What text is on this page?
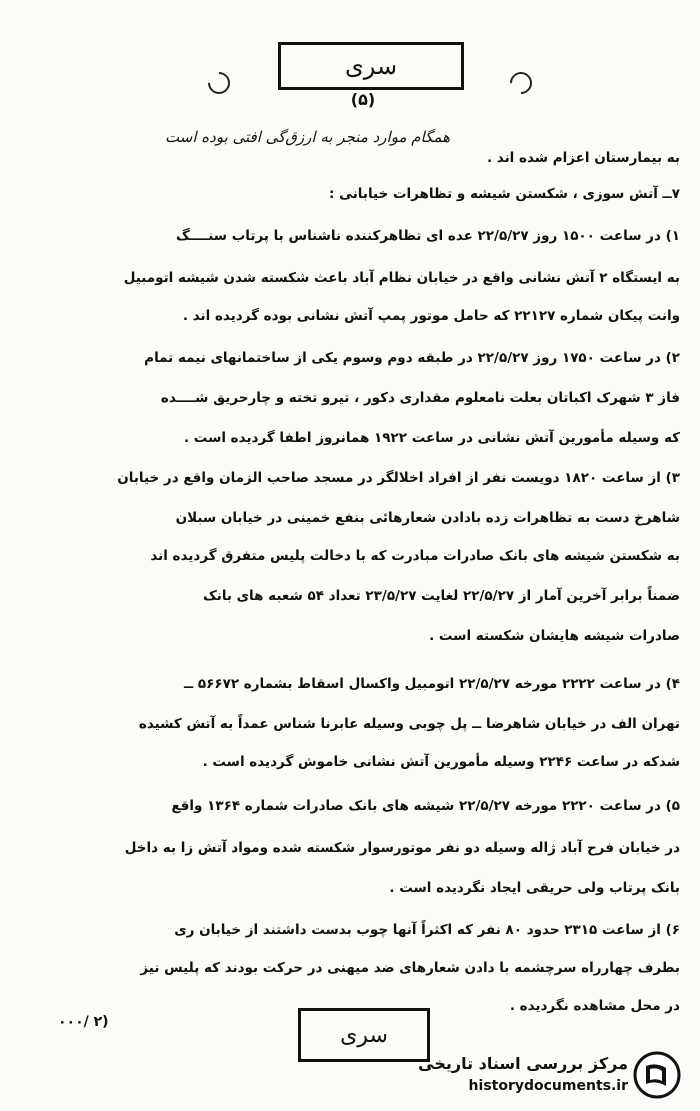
سری
(۵)
همگام موارد منجر به ارزق‌گی افتی بوده است
به بیمارستان اعزام شده اند .
۷ــ آتش سوزی ، شکستن شیشه و تظاهرات خیابانی :
۱) در ساعت ۱۵۰۰ روز ۲۲/۵/۲۷ عده ای تظاهرکننده ناشناس با پرتاب سنــــگ
به ایستگاه ۲ آتش نشانی واقع در خیابان نظام آباد باعث شکسته شدن شیشه اتومبیل
وانت پیکان شماره ۲۲۱۲۷ که حامل موتور پمپ آتش نشانی بوده گردیده اند .
۲) در ساعت ۱۷۵۰ روز ۲۲/۵/۲۷ در طبقه دوم وسوم یکی از ساختمانهای نیمه تمام
فاز ۳ شهرک اکباتان بعلت نامعلوم مقداری دکور ، تیرو تخته و چارحریق شــــده
که وسیله مأمورین آتش نشانی در ساعت ۱۹۲۲ همانروز اطفا گردیده است .
۳) از ساعت ۱۸۲۰ دویست نفر از افراد اخلالگر در مسجد صاحب الزمان واقع در خیابان
شاهرخ دست به تظاهرات زده بادادن شعارهائی بنفع خمینی در خیابان سبلان
به شکستن شیشه های بانک صادرات مبادرت که با دخالت پلیس متفرق گردیده اند
ضمناً برابر آخرین آمار از ۲۲/۵/۲۷ لغایت ۲۳/۵/۲۷ تعداد ۵۴ شعبه های بانک
صادرات شیشه هایشان شکسته است .
۴) در ساعت ۲۲۲۲ مورخه ۲۲/۵/۲۷ اتومبیل واکسال اسقاط بشماره ۵۶۶۷۲ ــ
تهران الف در خیابان شاهرضا ــ پل چوبی وسیله عابرنا شناس عمداً به آتش کشیده
شدکه در ساعت ۲۲۴۶ وسیله مأمورین آتش نشانی خاموش گردیده است .
۵) در ساعت ۲۲۲۰ مورخه ۲۲/۵/۲۷ شیشه های بانک صادرات شماره ۱۳۶۴ واقع
در خیابان فرح آباد ژاله وسیله دو نفر موتورسوار شکسته شده ومواد آتش زا به داخل
بانک پرتاب ولی حریقی ایجاد نگردیده است .
۶) از ساعت ۲۳۱۵ حدود ۸۰ نفر که اکثراً آنها چوب بدست داشتند از خیابان ری
بطرف چهارراه سرچشمه با دادن شعارهای ضد میهنی در حرکت بودند که پلیس نیز
در محل مشاهده نگردیده .
سری
۰۰۰/ ۲)
مرکز بررسی اسناد تاریخی
historydocuments.ir
